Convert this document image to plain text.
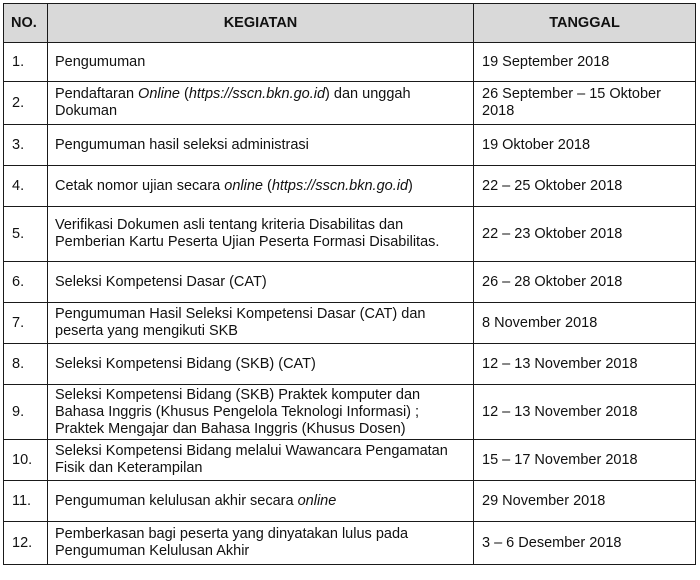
NO.	KEGIATAN	TANGGAL
1.	Pengumuman	19 September 2018
2.	Pendaftaran Online (https://sscn.bkn.go.id) dan unggah Dokuman	26 September – 15 Oktober 2018
3.	Pengumuman hasil seleksi administrasi	19 Oktober 2018
4.	Cetak nomor ujian secara online (https://sscn.bkn.go.id)	22 – 25 Oktober 2018
5.	Verifikasi Dokumen asli tentang kriteria Disabilitas dan Pemberian Kartu Peserta Ujian Peserta Formasi Disabilitas.	22 – 23 Oktober 2018
6.	Seleksi Kompetensi Dasar (CAT)	26 – 28 Oktober 2018
7.	Pengumuman Hasil Seleksi Kompetensi Dasar (CAT) dan peserta yang mengikuti SKB	8 November 2018
8.	Seleksi Kompetensi Bidang (SKB) (CAT)	12 – 13 November 2018
9.	Seleksi Kompetensi Bidang (SKB) Praktek komputer dan Bahasa Inggris (Khusus Pengelola Teknologi Informasi) ; Praktek Mengajar dan Bahasa Inggris (Khusus Dosen)	12 – 13 November 2018
10.	Seleksi Kompetensi Bidang melalui Wawancara Pengamatan Fisik dan Keterampilan	15 – 17 November 2018
11.	Pengumuman kelulusan akhir secara online	29 November 2018
12.	Pemberkasan bagi peserta yang dinyatakan lulus pada Pengumuman Kelulusan Akhir	3 – 6 Desember 2018
